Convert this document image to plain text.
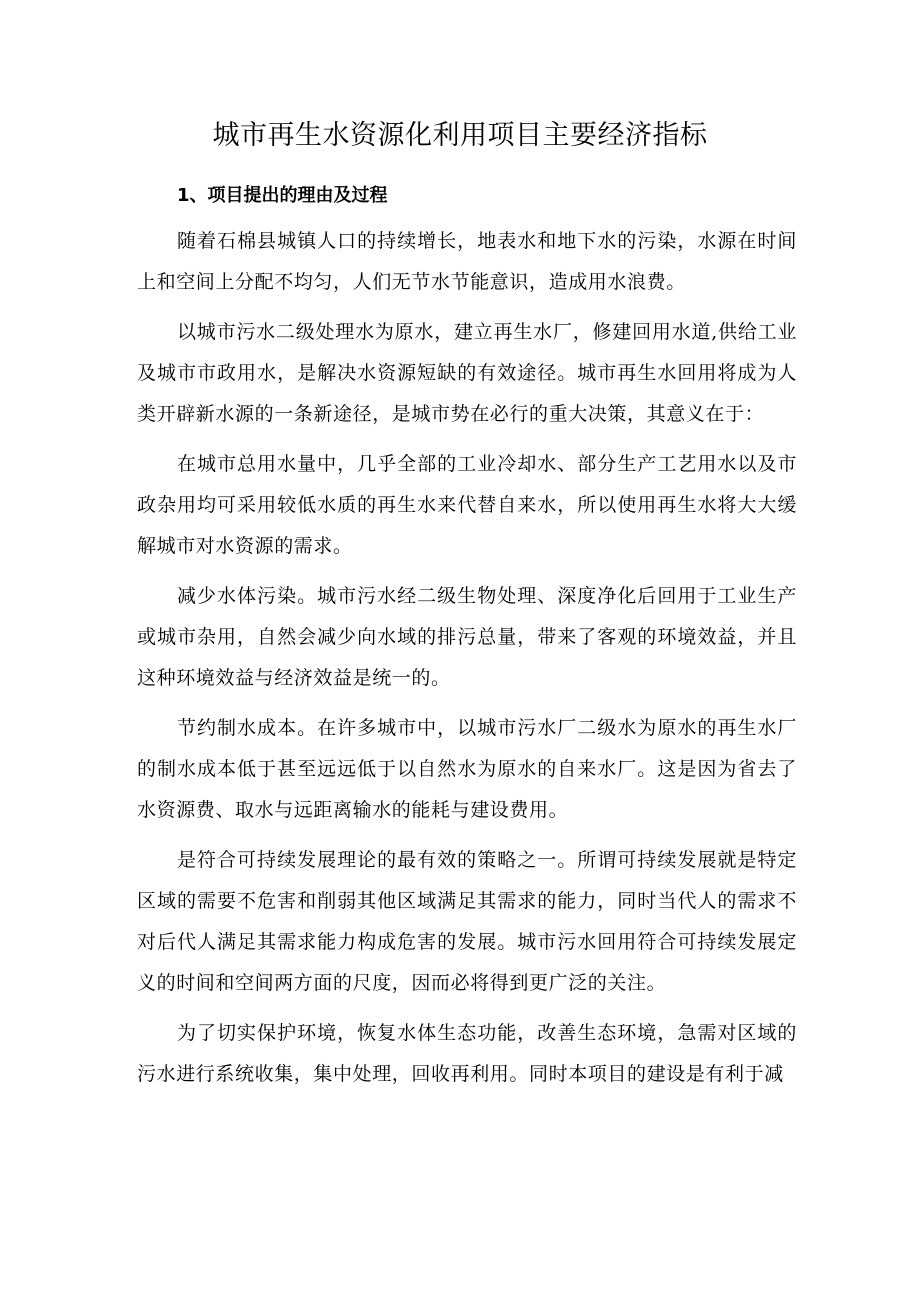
城市再生水资源化利用项目主要经济指标

1、项目提出的理由及过程

随着石棉县城镇人口的持续增长，地表水和地下水的污染，水源在时间上和空间上分配不均匀，人们无节水节能意识，造成用水浪费。

以城市污水二级处理水为原水，建立再生水厂，修建回用水道,供给工业及城市市政用水，是解决水资源短缺的有效途径。城市再生水回用将成为人类开辟新水源的一条新途径，是城市势在必行的重大决策，其意义在于：

在城市总用水量中，几乎全部的工业冷却水、部分生产工艺用水以及市政杂用均可采用较低水质的再生水来代替自来水，所以使用再生水将大大缓解城市对水资源的需求。

减少水体污染。城市污水经二级生物处理、深度净化后回用于工业生产或城市杂用，自然会减少向水域的排污总量，带来了客观的环境效益，并且这种环境效益与经济效益是统一的。

节约制水成本。在许多城市中，以城市污水厂二级水为原水的再生水厂的制水成本低于甚至远远低于以自然水为原水的自来水厂。这是因为省去了水资源费、取水与远距离输水的能耗与建设费用。

是符合可持续发展理论的最有效的策略之一。所谓可持续发展就是特定区域的需要不危害和削弱其他区域满足其需求的能力，同时当代人的需求不对后代人满足其需求能力构成危害的发展。城市污水回用符合可持续发展定义的时间和空间两方面的尺度，因而必将得到更广泛的关注。

为了切实保护环境，恢复水体生态功能，改善生态环境，急需对区域的污水进行系统收集，集中处理，回收再利用。同时本项目的建设是有利于减
